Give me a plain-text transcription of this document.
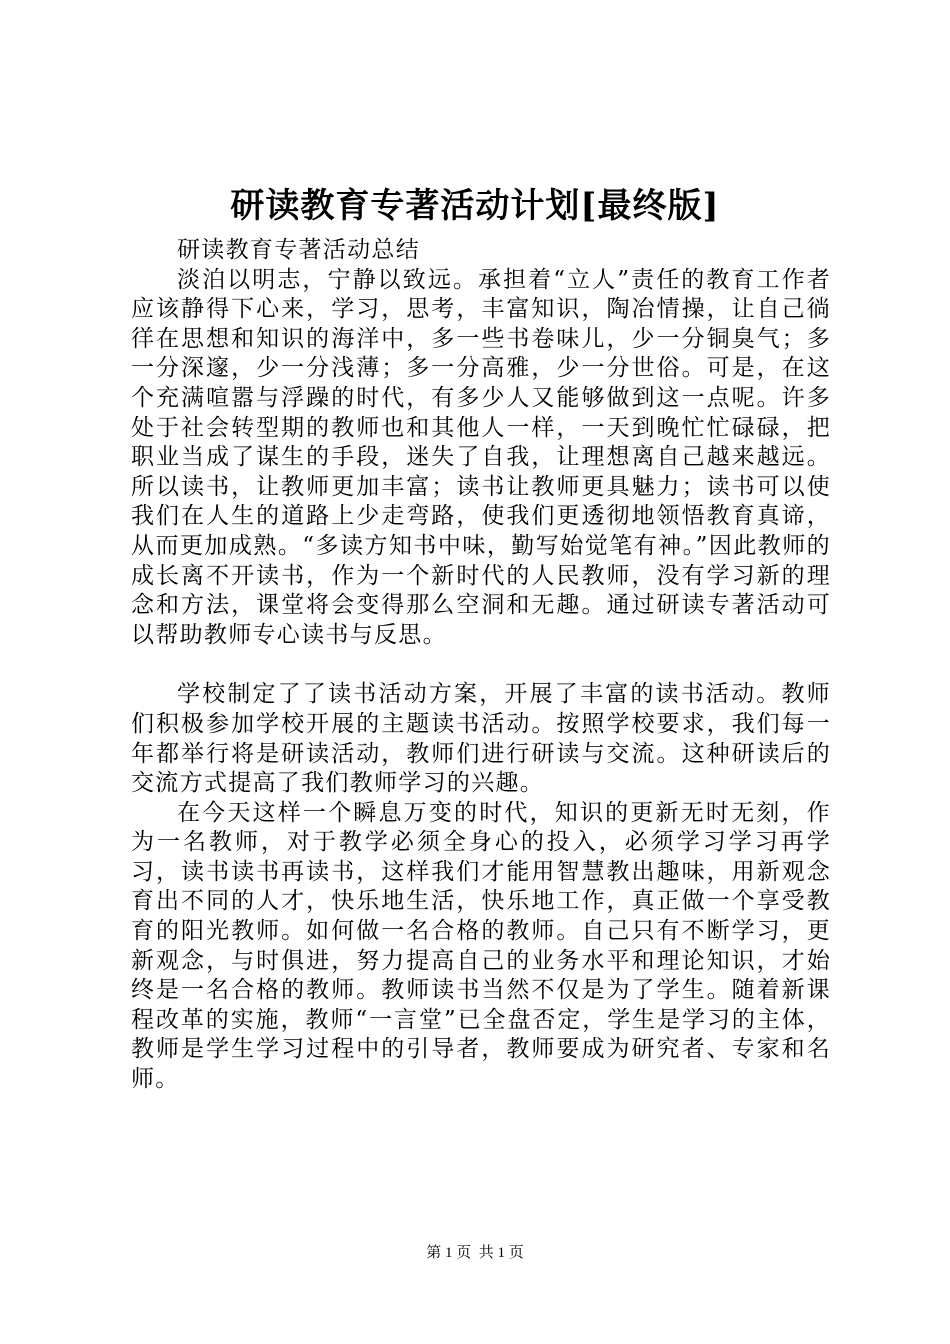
研读教育专著活动计划[最终版]

研读教育专著活动总结

淡泊以明志，宁静以致远。承担着“立人”责任的教育工作者应该静得下心来，学习，思考，丰富知识，陶冶情操，让自己徜徉在思想和知识的海洋中，多一些书卷味儿，少一分铜臭气；多一分深邃，少一分浅薄；多一分高雅，少一分世俗。可是，在这个充满喧嚣与浮躁的时代，有多少人又能够做到这一点呢。许多处于社会转型期的教师也和其他人一样，一天到晚忙忙碌碌，把职业当成了谋生的手段，迷失了自我，让理想离自己越来越远。所以读书，让教师更加丰富；读书让教师更具魅力；读书可以使我们在人生的道路上少走弯路，使我们更透彻地领悟教育真谛，从而更加成熟。“多读方知书中味，勤写始觉笔有神。”因此教师的成长离不开读书，作为一个新时代的人民教师，没有学习新的理念和方法，课堂将会变得那么空洞和无趣。通过研读专著活动可以帮助教师专心读书与反思。

学校制定了了读书活动方案，开展了丰富的读书活动。教师们积极参加学校开展的主题读书活动。按照学校要求，我们每一年都举行将是研读活动，教师们进行研读与交流。这种研读后的交流方式提高了我们教师学习的兴趣。

在今天这样一个瞬息万变的时代，知识的更新无时无刻，作为一名教师，对于教学必须全身心的投入，必须学习学习再学习，读书读书再读书，这样我们才能用智慧教出趣味，用新观念育出不同的人才，快乐地生活，快乐地工作，真正做一个享受教育的阳光教师。如何做一名合格的教师。自己只有不断学习，更新观念，与时俱进，努力提高自己的业务水平和理论知识，才始终是一名合格的教师。教师读书当然不仅是为了学生。随着新课程改革的实施，教师“一言堂”已全盘否定，学生是学习的主体，教师是学生学习过程中的引导者，教师要成为研究者、专家和名师。

第 1 页 共 1 页
